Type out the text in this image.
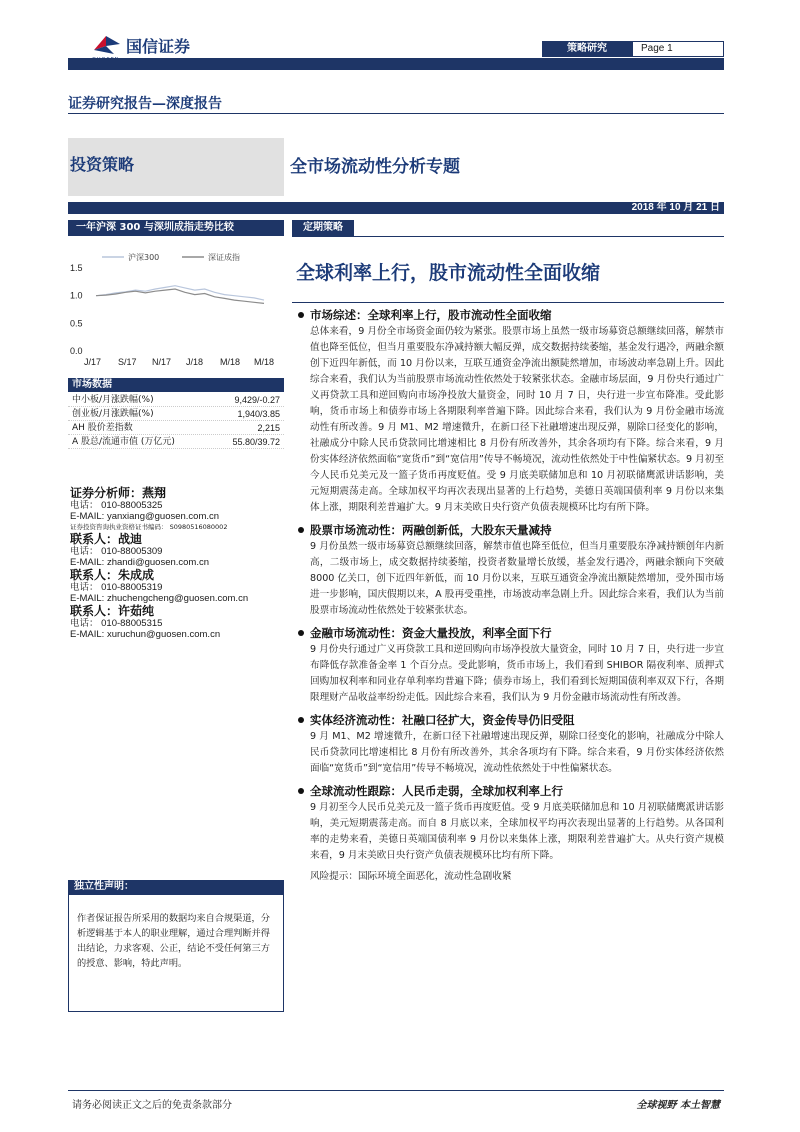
国信证券	策略研究	Page 1
证券研究报告—深度报告
投资策略	全市场流动性分析专题
2018 年 10 月 21 日
一年沪深 300 与深圳成指走势比较
1.5
1.0
0.5
0.0
J/17 S/17 N/17 J/18 M/18 M/18
沪深300	深证成指
市场数据
中小板/月涨跌幅(%)	9,429/-0.27
创业板/月涨跌幅(%)	1,940/3.85
AH 股价差指数	2,215
A 股总/流通市值 (万亿元)	55.80/39.72
证券分析师：燕翔
电话： 010-88005325
E-MAIL: yanxiang@guosen.com.cn
证券投资咨询执业资格证书编码： S0980516080002
联系人：战迪
电话： 010-88005309
E-MAIL: zhandi@guosen.com.cn
联系人：朱成成
电话： 010-88005319
E-MAIL: zhuchengcheng@guosen.com.cn
联系人：许茹纯
电话： 010-88005315
E-MAIL: xuruchun@guosen.com.cn
独立性声明：
作者保证报告所采用的数据均来自合规渠道，分析逻辑基于本人的职业理解，通过合理判断并得出结论，力求客观、公正，结论不受任何第三方的授意、影响，特此声明。
定期策略
全球利率上行，股市流动性全面收缩
市场综述：全球利率上行，股市流动性全面收缩
总体来看，9 月份全市场资金面仍较为紧张。股票市场上虽然一级市场募资总额继续回落，解禁市值也降至低位，但当月重要股东净减持额大幅反弹，成交数据持续萎缩，基金发行遇冷，两融余额创下近四年新低，而 10 月份以来，互联互通资金净流出额陡然增加，市场波动率急剧上升。因此综合来看，我们认为当前股票市场流动性依然处于较紧张状态。金融市场层面，9 月份央行通过广义再贷款工具和逆回购向市场净投放大量资金，同时 10 月 7 日，央行进一步宣布降准。受此影响，货币市场上和债券市场上各期限利率普遍下降。因此综合来看，我们认为 9 月份金融市场流动性有所改善。9 月 M1、M2 增速微升，在新口径下社融增速出现反弹，剔除口径变化的影响，社融成分中除人民币贷款同比增速相比 8 月份有所改善外，其余各项均有下降。综合来看，9 月份实体经济依然面临“宽货币”到“宽信用”传导不畅境况，流动性依然处于中性偏紧状态。9 月初至今人民币兑美元及一篮子货币再度贬值。受 9 月底美联储加息和 10 月初联储鹰派讲话影响，美元短期震荡走高。全球加权平均再次表现出显著的上行趋势，美德日英端国债利率 9 月份以来集体上涨，期限利差普遍扩大。9 月末美欧日央行资产负债表规模环比均有所下降。
股票市场流动性：两融创新低，大股东天量减持
9 月份虽然一级市场募资总额继续回落，解禁市值也降至低位，但当月重要股东净减持额创年内新高，二级市场上，成交数据持续萎缩，投资者数量增长放缓，基金发行遇冷，两融余额向下突破 8000 亿关口，创下近四年新低，而 10 月份以来，互联互通资金净流出额陡然增加，受外围市场进一步影响，国庆假期以来，A 股再受重挫，市场波动率急剧上升。因此综合来看，我们认为当前股票市场流动性依然处于较紧张状态。
金融市场流动性：资金大量投放，利率全面下行
9 月份央行通过广义再贷款工具和逆回购向市场净投放大量资金，同时 10 月 7 日，央行进一步宣布降低存款准备金率 1 个百分点。受此影响，货币市场上，我们看到 SHIBOR 隔夜利率、质押式回购加权利率和同业存单利率均普遍下降；债券市场上，我们看到长短期国债利率双双下行，各期限理财产品收益率纷纷走低。因此综合来看，我们认为 9 月份金融市场流动性有所改善。
实体经济流动性：社融口径扩大，资金传导仍旧受阻
9 月 M1、M2 增速微升，在新口径下社融增速出现反弹，剔除口径变化的影响，社融成分中除人民币贷款同比增速相比 8 月份有所改善外，其余各项均有下降。综合来看，9 月份实体经济依然面临“宽货币”到“宽信用”传导不畅境况，流动性依然处于中性偏紧状态。
全球流动性跟踪：人民币走弱，全球加权利率上行
9 月初至今人民币兑美元及一篮子货币再度贬值。受 9 月底美联储加息和 10 月初联储鹰派讲话影响，美元短期震荡走高。而自 8 月底以来，全球加权平均再次表现出显著的上行趋势。从各国利率的走势来看，美德日英端国债利率 9 月份以来集体上涨，期限利差普遍扩大。从央行资产规模来看，9 月末美欧日央行资产负债表规模环比均有所下降。
风险提示：国际环境全面恶化，流动性急剧收紧
请务必阅读正文之后的免责条款部分	全球视野 本土智慧
